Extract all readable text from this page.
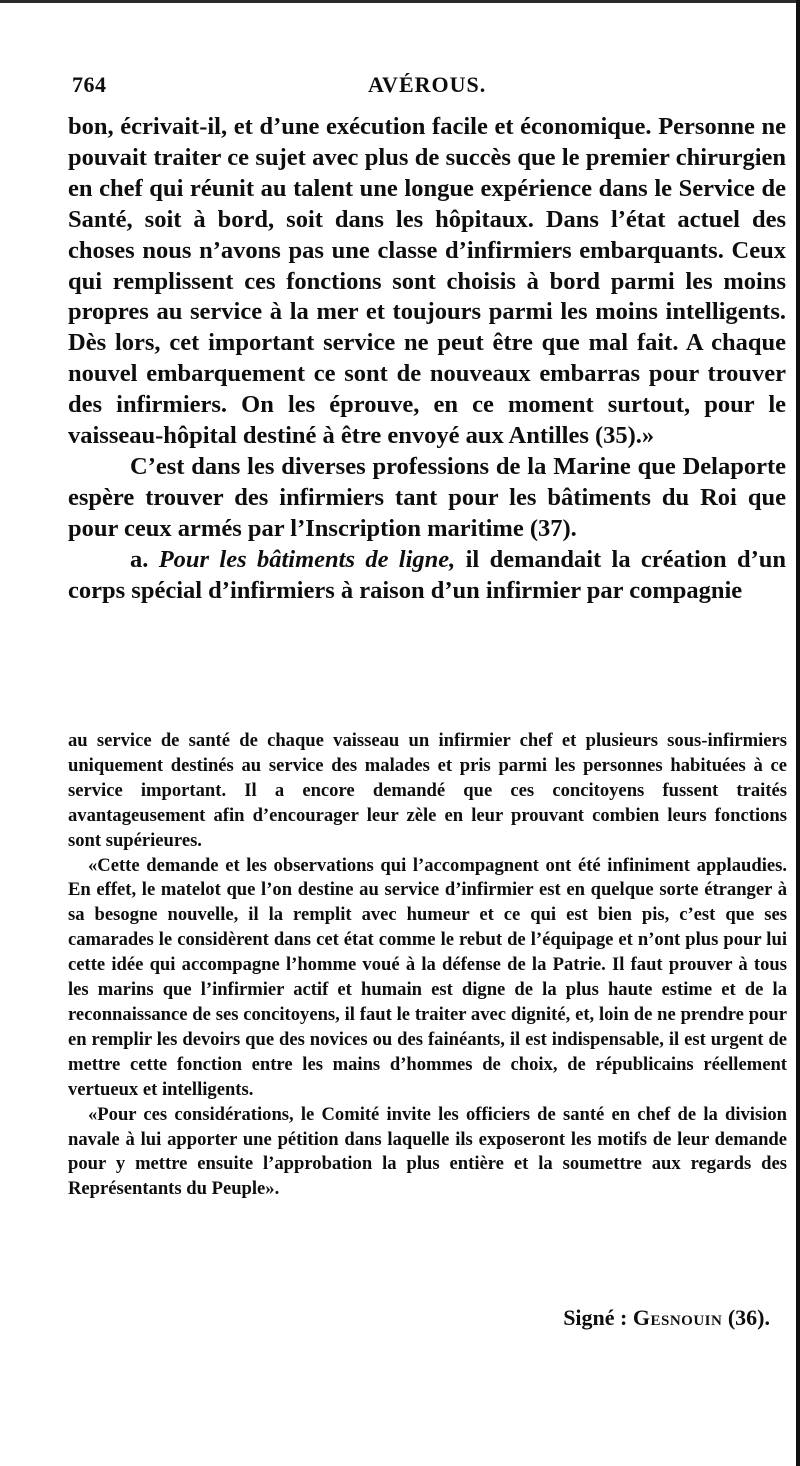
764	AVÉROUS.

bon, écrivait-il, et d’une exécution facile et économique. Personne ne pouvait traiter ce sujet avec plus de succès que le premier chirurgien en chef qui réunit au talent une longue expérience dans le Service de Santé, soit à bord, soit dans les hôpitaux. Dans l’état actuel des choses nous n’avons pas une classe d’infirmiers embarquants. Ceux qui remplissent ces fonctions sont choisis à bord parmi les moins propres au service à la mer et toujours parmi les moins intelligents. Dès lors, cet important service ne peut être que mal fait. A chaque nouvel embarquement ce sont de nouveaux embarras pour trouver des infirmiers. On les éprouve, en ce moment surtout, pour le vaisseau-hôpital destiné à être envoyé aux Antilles (35).»

C’est dans les diverses professions de la Marine que Delaporte espère trouver des infirmiers tant pour les bâtiments du Roi que pour ceux armés par l’Inscription maritime (37).

a. Pour les bâtiments de ligne, il demandait la création d’un corps spécial d’infirmiers à raison d’un infirmier par compagnie

au service de santé de chaque vaisseau un infirmier chef et plusieurs sous-infirmiers uniquement destinés au service des malades et pris parmi les personnes habituées à ce service important. Il a encore demandé que ces concitoyens fussent traités avantageusement afin d’encourager leur zèle en leur prouvant combien leurs fonctions sont supérieures.

«Cette demande et les observations qui l’accompagnent ont été infiniment applaudies. En effet, le matelot que l’on destine au service d’infirmier est en quelque sorte étranger à sa besogne nouvelle, il la remplit avec humeur et ce qui est bien pis, c’est que ses camarades le considèrent dans cet état comme le rebut de l’équipage et n’ont plus pour lui cette idée qui accompagne l’homme voué à la défense de la Patrie. Il faut prouver à tous les marins que l’infirmier actif et humain est digne de la plus haute estime et de la reconnaissance de ses concitoyens, il faut le traiter avec dignité, et, loin de ne prendre pour en remplir les devoirs que des novices ou des fainéants, il est indispensable, il est urgent de mettre cette fonction entre les mains d’hommes de choix, de républicains réellement vertueux et intelligents.

«Pour ces considérations, le Comité invite les officiers de santé en chef de la division navale à lui apporter une pétition dans laquelle ils exposeront les motifs de leur demande pour y mettre ensuite l’approbation la plus entière et la soumettre aux regards des Représentants du Peuple».

Signé : Gesnouin (36).
